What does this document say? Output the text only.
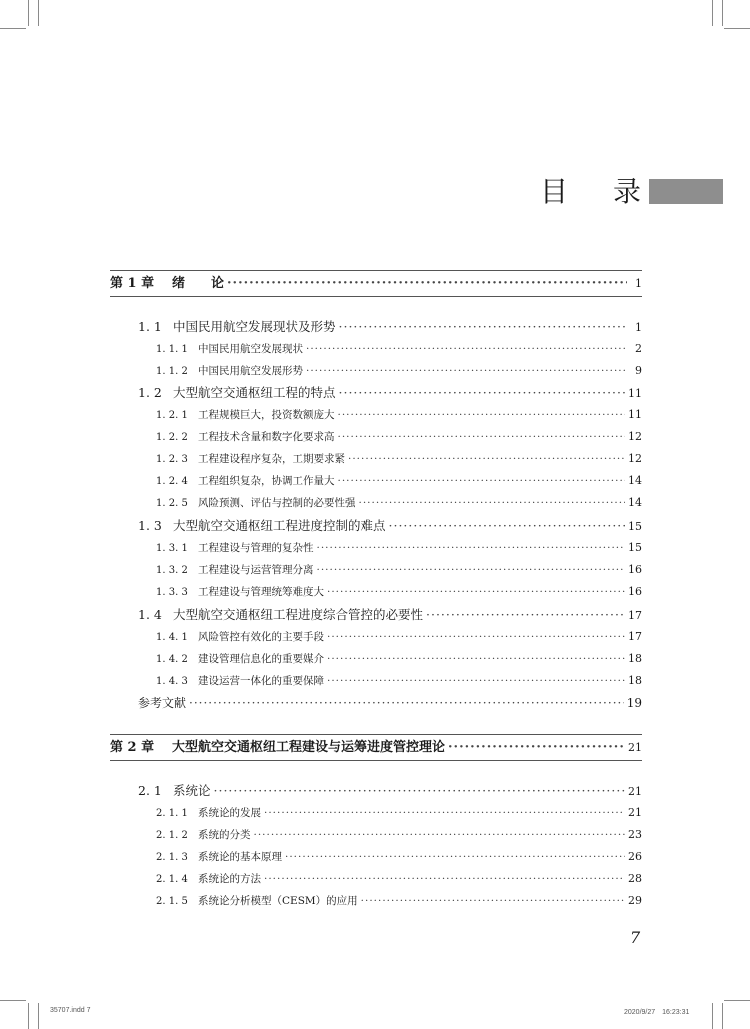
目 录
第 1 章	绪　　论 ·····	1
1. 1 中国民用航空发展现状及形势 ·····	1
1. 1. 1 中国民用航空发展现状 ·····	2
1. 1. 2 中国民用航空发展形势 ·····	9
1. 2 大型航空交通枢纽工程的特点 ·····	11
1. 2. 1 工程规模巨大，投资数额庞大 ·····	11
1. 2. 2 工程技术含量和数字化要求高 ·····	12
1. 2. 3 工程建设程序复杂，工期要求紧 ·····	12
1. 2. 4 工程组织复杂，协调工作量大 ·····	14
1. 2. 5 风险预测、评估与控制的必要性强 ·····	14
1. 3 大型航空交通枢纽工程进度控制的难点 ·····	15
1. 3. 1 工程建设与管理的复杂性 ·····	15
1. 3. 2 工程建设与运营管理分离 ·····	16
1. 3. 3 工程建设与管理统筹难度大 ·····	16
1. 4 大型航空交通枢纽工程进度综合管控的必要性 ·····	17
1. 4. 1 风险管控有效化的主要手段 ·····	17
1. 4. 2 建设管理信息化的重要媒介 ·····	18
1. 4. 3 建设运营一体化的重要保障 ·····	18
参考文献 ·····	19
第 2 章	大型航空交通枢纽工程建设与运筹进度管控理论 ·····	21
2. 1 系统论 ·····	21
2. 1. 1 系统论的发展 ·····	21
2. 1. 2 系统的分类 ·····	23
2. 1. 3 系统论的基本原理 ·····	26
2. 1. 4 系统论的方法 ·····	28
2. 1. 5 系统论分析模型（CESM）的应用 ·····	29
7
35707.indd 7	2020/9/27　16:23:31
